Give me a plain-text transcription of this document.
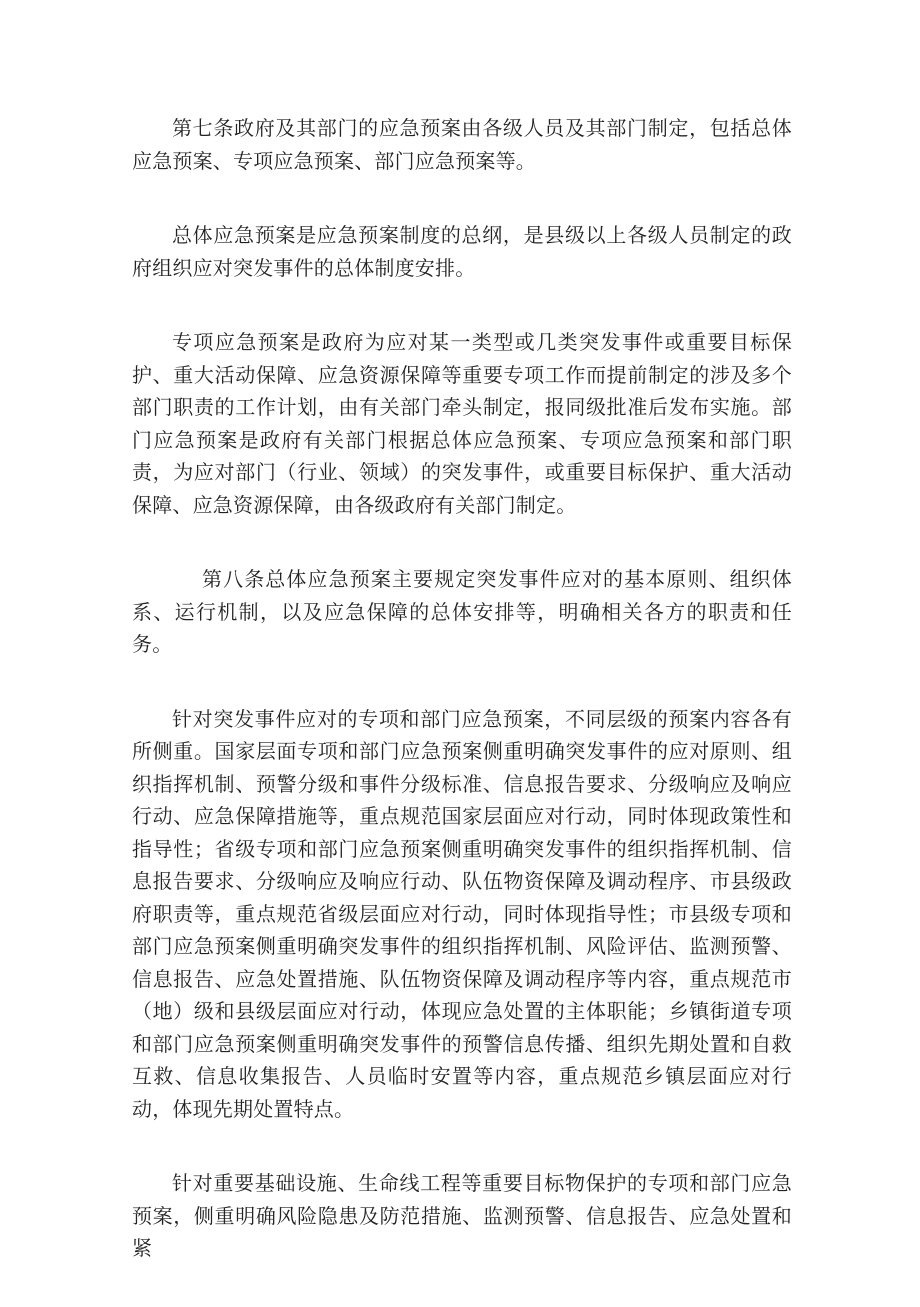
第七条政府及其部门的应急预案由各级人员及其部门制定，包括总体应急预案、专项应急预案、部门应急预案等。

总体应急预案是应急预案制度的总纲，是县级以上各级人员制定的政府组织应对突发事件的总体制度安排。

专项应急预案是政府为应对某一类型或几类突发事件或重要目标保护、重大活动保障、应急资源保障等重要专项工作而提前制定的涉及多个部门职责的工作计划，由有关部门牵头制定，报同级批准后发布实施。部门应急预案是政府有关部门根据总体应急预案、专项应急预案和部门职责，为应对部门（行业、领域）的突发事件，或重要目标保护、重大活动保障、应急资源保障，由各级政府有关部门制定。

第八条总体应急预案主要规定突发事件应对的基本原则、组织体系、运行机制，以及应急保障的总体安排等，明确相关各方的职责和任务。

针对突发事件应对的专项和部门应急预案，不同层级的预案内容各有所侧重。国家层面专项和部门应急预案侧重明确突发事件的应对原则、组织指挥机制、预警分级和事件分级标准、信息报告要求、分级响应及响应行动、应急保障措施等，重点规范国家层面应对行动，同时体现政策性和指导性；省级专项和部门应急预案侧重明确突发事件的组织指挥机制、信息报告要求、分级响应及响应行动、队伍物资保障及调动程序、市县级政府职责等，重点规范省级层面应对行动，同时体现指导性；市县级专项和部门应急预案侧重明确突发事件的组织指挥机制、风险评估、监测预警、信息报告、应急处置措施、队伍物资保障及调动程序等内容，重点规范市（地）级和县级层面应对行动，体现应急处置的主体职能；乡镇街道专项和部门应急预案侧重明确突发事件的预警信息传播、组织先期处置和自救互救、信息收集报告、人员临时安置等内容，重点规范乡镇层面应对行动，体现先期处置特点。

针对重要基础设施、生命线工程等重要目标物保护的专项和部门应急预案，侧重明确风险隐患及防范措施、监测预警、信息报告、应急处置和紧
